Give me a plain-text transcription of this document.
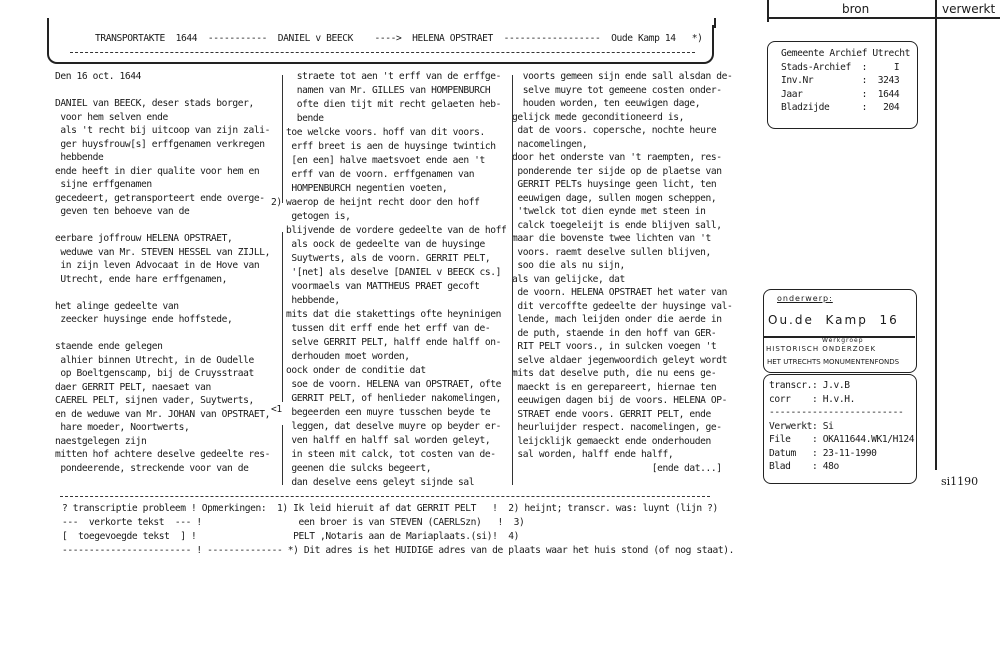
TRANSPORTAKTE  1644  -----------  DANIEL v BEECK    ---->  HELENA OPSTRAET  ------------------  Oude Kamp 14   *)
Den 16 oct. 1644
DANIEL van BEECK, deser stads borger,
voor hem selven ende
als 't recht bij uitcoop van zijn zali-
ger huysfrouw[s] erffgenamen verkregen
hebbende
ende heeft in dier qualite voor hem en
sijne erffgenamen
gecedeert, getransporteert ende overge-
geven ten behoeve van de
eerbare joffrouw HELENA OPSTRAET,
weduwe van Mr. STEVEN HESSEL van ZIJLL,
in zijn leven Advocaat in de Hove van
Utrecht, ende hare erffgenamen,
het alinge gedeelte van
zeecker huysinge ende hoffstede,
staende ende gelegen
alhier binnen Utrecht, in de Oudelle
op Boeltgenscamp, bij de Cruysstraat
daer GERRIT PELT, naesaet van
CAEREL PELT, sijnen vader, Suytwerts,
en de weduwe van Mr. JOHAN van OPSTRAET,
hare moeder, Noortwerts,
naestgelegen zijn
mitten hof achtere deselve gedeelte res-
pondeerende, streckende voor van de
straete tot aen 't erff van de erffge-
namen van Mr. GILLES van HOMPENBURCH
ofte dien tijt mit recht gelaeten heb-
bende
toe welcke voors. hoff van dit voors.
erff breet is aen de huysinge twintich
[en een] halve maetsvoet ende aen 't
erff van de voorn. erffgenamen van
HOMPENBURCH negentien voeten,
waerop de heijnt recht door den hoff
getogen is,
blijvende de vordere gedeelte van de hoff
als oock de gedeelte van de huysinge
Suytwerts, als de voorn. GERRIT PELT,
'[net] als deselve [DANIEL v BEECK cs.]
voormaels van MATTHEUS PRAET gecoft
hebbende,
mits dat die stakettings ofte heyninigen
tussen dit erff ende het erff van de-
selve GERRIT PELT, halff ende halff on-
derhouden moet worden,
oock onder de conditie dat
soe de voorn. HELENA van OPSTRAET, ofte
GERRIT PELT, of henlieder nakomelingen,
begeerden een muyre tusschen beyde te
leggen, dat deselve muyre op beyder er-
ven halff en halff sal worden geleyt,
in steen mit calck, tot costen van de-
geenen die sulcks begeert,
dan deselve eens geleyt sijnde sal
voorts gemeen sijn ende sall alsdan de-
selve muyre tot gemeene costen onder-
houden worden, ten eeuwigen dage,
gelijck mede geconditioneerd is,
dat de voors. copersche, nochte heure
nacomelingen,
door het onderste van 't raempten, res-
ponderende ter sijde op de plaetse van
GERRIT PELTs huysinge geen licht, ten
eeuwigen dage, sullen mogen scheppen,
'twelck tot dien eynde met steen in
calck toegeleijt is ende blijven sall,
maar die bovenste twee lichten van 't
voors. raemt deselve sullen blijven,
soo die als nu sijn,
als van gelijcke, dat
de voorn. HELENA OPSTRAET het water van
dit vercoffte gedeelte der huysinge val-
lende, mach leijden onder die aerde in
de puth, staende in den hoff van GER-
RIT PELT voors., in sulcken voegen 't
selve aldaer jegenwoordich geleyt wordt
mits dat deselve puth, die nu eens ge-
maeckt is en gerepareert, hiernae ten
eeuwigen dagen bij de voors. HELENA OP-
STRAET ende voors. GERRIT PELT, ende
heurluijder respect. nacomelingen, ge-
leijcklijk gemaeckt ende onderhouden
sal worden, halff ende halff,
[ende dat...]
2)
<1
? transcriptie probleem ! Opmerkingen:  1) Ik leid hieruit af dat GERRIT PELT   !  2) heijnt; transcr. was: luynt (lijn ?)
---  verkorte tekst  --- !                  een broer is van STEVEN (CAERLSzn)   !  3)
[  toegevoegde tekst  ] !                  PELT ,Notaris aan de Mariaplaats.(si)!  4)
------------------------ ! -------------- *) Dit adres is het HUIDIGE adres van de plaats waar het huis stond (of nog staat).
bron	verwerkt
Gemeente Archief Utrecht
Stads-Archief  :     I
Inv.Nr         :  3243
Jaar           :  1644
Bladzijde      :   204
onderwerp:
Ou.de  Kamp  16
Werkgroep
HISTORISCH ONDERZOEK
HET UTRECHTS MONUMENTENFONDS
transcr.: J.v.B
corr    : H.v.H.
-------------------------
Verwerkt: Si
File    : OKA11644.WK1/H124
Datum   : 23-11-1990
Blad    : 48o
si1190
